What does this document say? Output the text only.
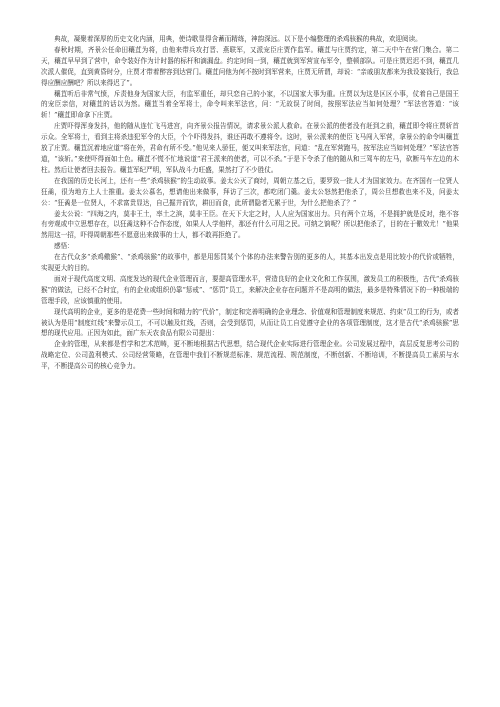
典故，凝聚着深厚的历史文化内涵，用典，使诗歌显得含蓄而精练，神韵深远。以下是小编整理的杀鸡骇猴的典故，欢迎阅读。

春秋时期，齐景公任命田穰苴为将，由他来带兵攻打晋、燕联军，又派宠臣庄贾作监军。穰苴与庄贾约定，第二天中午在营门集合。第二天，穰苴早早到了营中，命令装好作为计时器的标杆和滴漏盘。约定时间一到，穰苴就到军营宣布军令，整顿部队。可是庄贾迟迟不到，穰苴几次派人催促，直到黄昏时分，庄贾才带着醉容到达营门。穰苴问他为何不按时到军营来，庄贾无所谓，却说：“亲戚朋友都来为我设宴钱行，我总得应酬应酬吧？所以来得迟了”。

穰苴听后非常气愤，斥责他身为国家大臣，有监军重任，却只恋自己的小家，不以国家大事为重。庄贾以为这是区区小事，仗着自己是国王的宠臣亲信，对穰苴的话以为然。穰苴当着全军将士，命令叫来军法官，问：“无故误了时间，按照军法应当如何处理？”军法官答道：“该斩！”穰苴即命拿下庄贾。

庄贾吓得浑身发抖，他的随从连忙飞马进宫，向齐景公报告情况，请求景公派人救命。在景公派的使者没有赶到之前，穰苴即令将庄贾斩首示众。全军将士，看到主将杀违犯军令的大臣，个个吓得发抖，谁还再敢不遵将令。这时，景公派来的使臣飞马闯入军营，拿景公的命令叫穰苴放了庄贾。穰苴沉着地应道“将在外，君命有所不受。”他见来人骄狂，便又叫来军法官，问道：“乱在军营跑马，按军法应当如何处理？”军法官答道，“该斩。”来使吓得面如土色。穰苴不慌不忙地说道“君王派来的使者，可以不杀。”于是下令杀了他的随从和三驾车的左马，砍断马车左边的木柱。然后让使者回去报告。穰苴军纪严明，军队战斗力旺盛，果然打了不少胜仗。

在我国的历史长河上，还有一些“杀鸡骇猴”的生动故事。姜太公灭了商纣，周朝立基之后，要罗致一批人才为国家效力。在齐国有一位贤人狂矞，很为地方上人士推重。姜太公慕名，想请他出来做事，拜访了三次，都吃闭门羹。姜太公怒然把他杀了，周公旦想救也来不及，问姜太公：“狂矞是一位贤人，不求富贵显达，自己掘井而饮，耕田而食，此所谓隐者无累于世，为什么把他杀了？”

姜太公说：“四海之内，莫非王土，率土之滨，莫非王臣。在天下大定之时，人人应为国家出力。只有两个立场，不是拥护就是反对，绝不容有旁观或中立思想存在，以狂矞这种不合作态度，如果人人学他样，那还有什么可用之民。可纳之饷呢？所以把他杀了，目的在于儆效尤！”他果然用这一招，吓得周朝那些不愿意出来做事的士人，都不敢再拒绝了。

感悟：

在古代众多“杀鸡儆猴”、“杀鸡骇猴”的故事中，都是用惩罚某个个体的办法来警告别的更多的人，其基本出发点是用比较小的代价或牺牲，实现更大的目的。

面对于现代高度文明、高度发达的现代企业管理而言，要提高管理水平，营造良好的企业文化和工作氛围，激发员工的积极性，古代“杀鸡骇猴”的做法，已经不合时宜，有的企业或组织仍靠“惩戒”、“惩罚”员工，来解决企业存在问题并不是高明的做法，最多是特殊情况下的一种极端的管理手段，应该慎重的使用。

现代高明的企业，更多的是花费一些时间和精力的“代价”，制定和完善明确的企业理念、价值观和管理制度来规范、约束”员工的行为，或者被认为是用“制度红线”来警示员工，不可以触及红线，否则，会受到惩罚，从而让员工自觉遵守企业的各项管理制度，这才是古代“杀鸡骇猴”思想的现代应用。正因为如此，面广东天农食品有限公司提出：

企业的管理，从来都是哲学和艺术范畴，更不断地根据古代思想，结合现代企业实际进行管理企业。公司发展过程中，高层反复思考公司的战略定位、公司盈利模式、公司经营策略，在管理中我们不断规范标准、规范流程、规范制度，不断创新、不断培训，不断提高员工素质与水平，不断提高公司的核心竞争力。
